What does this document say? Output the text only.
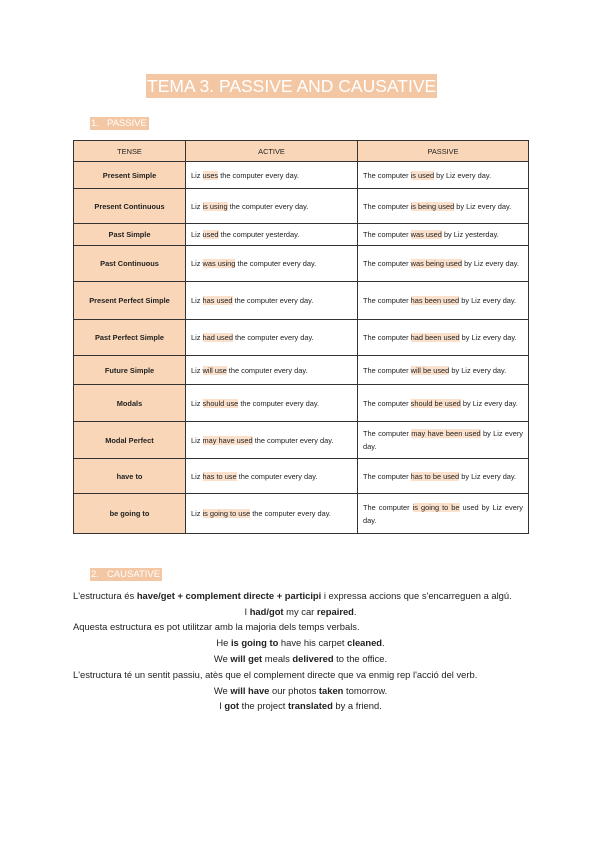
TEMA 3. PASSIVE AND CAUSATIVE
1. PASSIVE
TENSE	ACTIVE	PASSIVE
Present Simple	Liz uses the computer every day.	The computer is used by Liz every day.
Present Continuous	Liz is using the computer every day.	The computer is being used by Liz every day.
Past Simple	Liz used the computer yesterday.	The computer was used by Liz yesterday.
Past Continuous	Liz was using the computer every day.	The computer was being used by Liz every day.
Present Perfect Simple	Liz has used the computer every day.	The computer has been used by Liz every day.
Past Perfect Simple	Liz had used the computer every day.	The computer had been used by Liz every day.
Future Simple	Liz will use the computer every day.	The computer will be used by Liz every day.
Modals	Liz should use the computer every day.	The computer should be used by Liz every day.
Modal Perfect	Liz may have used the computer every day.	The computer may have been used by Liz every day.
have to	Liz has to use the computer every day.	The computer has to be used by Liz every day.
be going to	Liz is going to use the computer every day.	The computer is going to be used by Liz every day.
2. CAUSATIVE

L'estructura és have/get + complement directe + participi i expressa accions que s'encarreguen a algú.

I had/got my car repaired.

Aquesta estructura es pot utilitzar amb la majoria dels temps verbals.

He is going to have his carpet cleaned.

We will get meals delivered to the office.

L'estructura té un sentit passiu, atès que el complement directe que va enmig rep l'acció del verb.

We will have our photos taken tomorrow.

I got the project translated by a friend.
